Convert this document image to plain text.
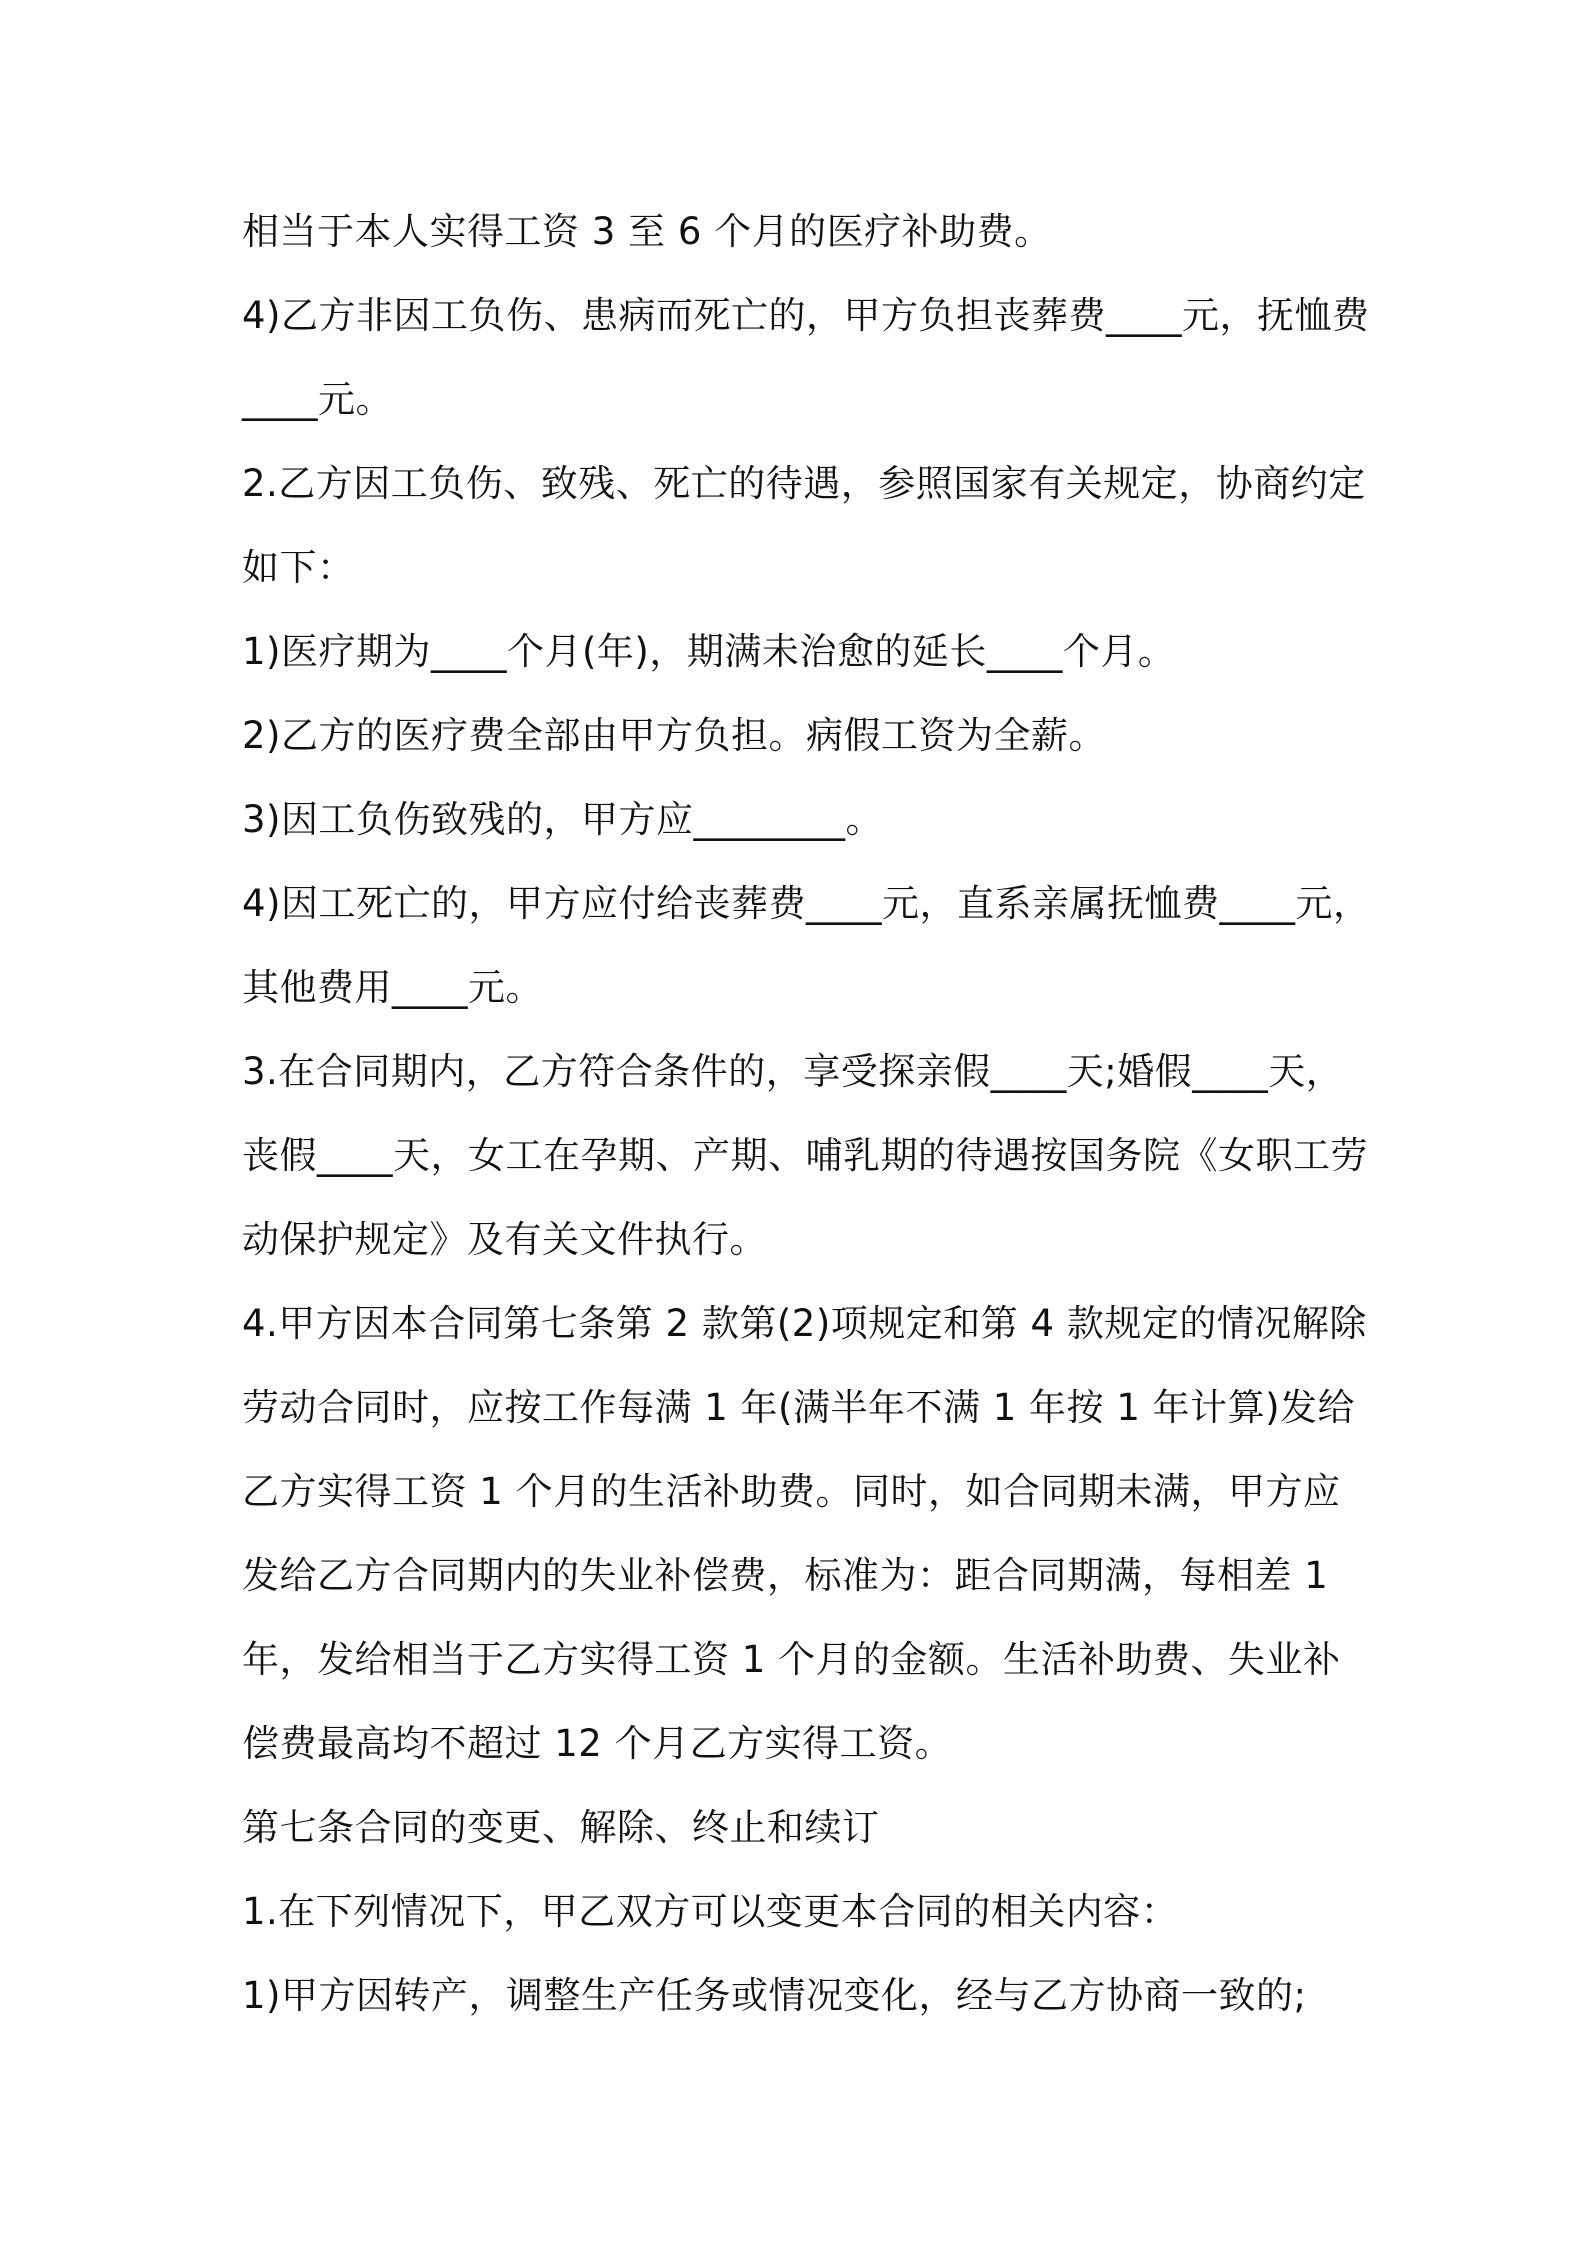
相当于本人实得工资 3 至 6 个月的医疗补助费。

4)乙方非因工负伤、患病而死亡的，甲方负担丧葬费____元，抚恤费____元。

2.乙方因工负伤、致残、死亡的待遇，参照国家有关规定，协商约定如下：

1)医疗期为____个月(年)，期满未治愈的延长____个月。

2)乙方的医疗费全部由甲方负担。病假工资为全薪。

3)因工负伤致残的，甲方应________。

4)因工死亡的，甲方应付给丧葬费____元，直系亲属抚恤费____元，其他费用____元。

3.在合同期内，乙方符合条件的，享受探亲假____天;婚假____天，丧假____天，女工在孕期、产期、哺乳期的待遇按国务院《女职工劳动保护规定》及有关文件执行。

4.甲方因本合同第七条第 2 款第(2)项规定和第 4 款规定的情况解除劳动合同时，应按工作每满 1 年(满半年不满 1 年按 1 年计算)发给乙方实得工资 1 个月的生活补助费。同时，如合同期未满，甲方应发给乙方合同期内的失业补偿费，标准为：距合同期满，每相差 1 年，发给相当于乙方实得工资 1 个月的金额。生活补助费、失业补偿费最高均不超过 12 个月乙方实得工资。

第七条合同的变更、解除、终止和续订

1.在下列情况下，甲乙双方可以变更本合同的相关内容：

1)甲方因转产，调整生产任务或情况变化，经与乙方协商一致的;
